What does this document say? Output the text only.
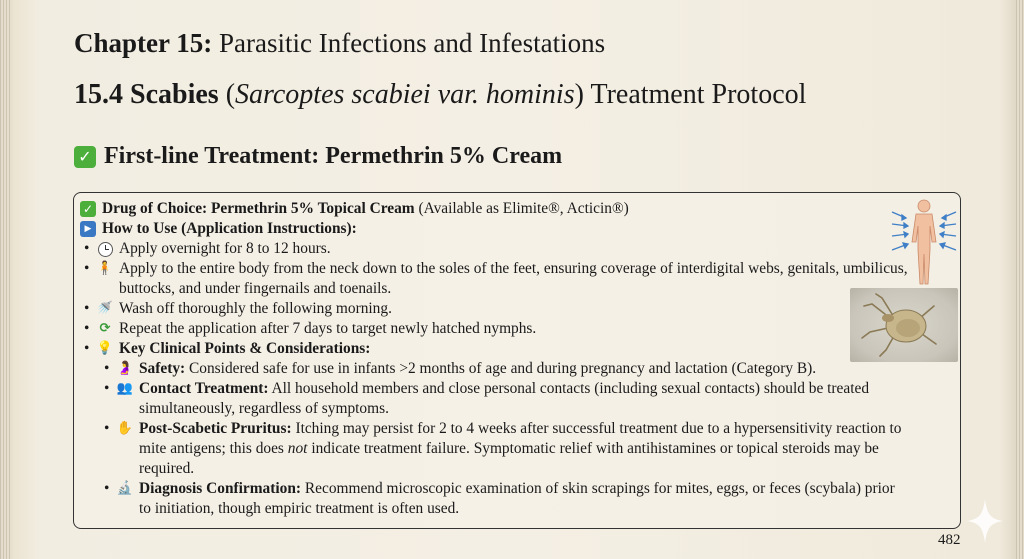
Chapter 15: Parasitic Infections and Infestations
15.4 Scabies (Sarcoptes scabiei var. hominis) Treatment Protocol
✓ First-line Treatment: Permethrin 5% Cream
✓ Drug of Choice: Permethrin 5% Topical Cream (Available as Elimite®, Acticin®)
▶ How to Use (Application Instructions):
•	Apply overnight for 8 to 12 hours.
• 🧍 Apply to the entire body from the neck down to the soles of the feet, ensuring coverage of interdigital webs, genitals, umbilicus, buttocks, and under fingernails and toenails.
• 🚿 Wash off thoroughly the following morning.
• ⟳ Repeat the application after 7 days to target newly hatched nymphs.
• 💡 Key Clinical Points & Considerations:
• 🤰 Safety: Considered safe for use in infants >2 months of age and during pregnancy and lactation (Category B).
• 👥 Contact Treatment: All household members and close personal contacts (including sexual contacts) should be treated simultaneously, regardless of symptoms.
• ✋ Post-Scabetic Pruritus: Itching may persist for 2 to 4 weeks after successful treatment due to a hypersensitivity reaction to mite antigens; this does not indicate treatment failure. Symptomatic relief with antihistamines or topical steroids may be required.
• 🔬 Diagnosis Confirmation: Recommend microscopic examination of skin scrapings for mites, eggs, or feces (scybala) prior to initiation, though empiric treatment is often used.
482
